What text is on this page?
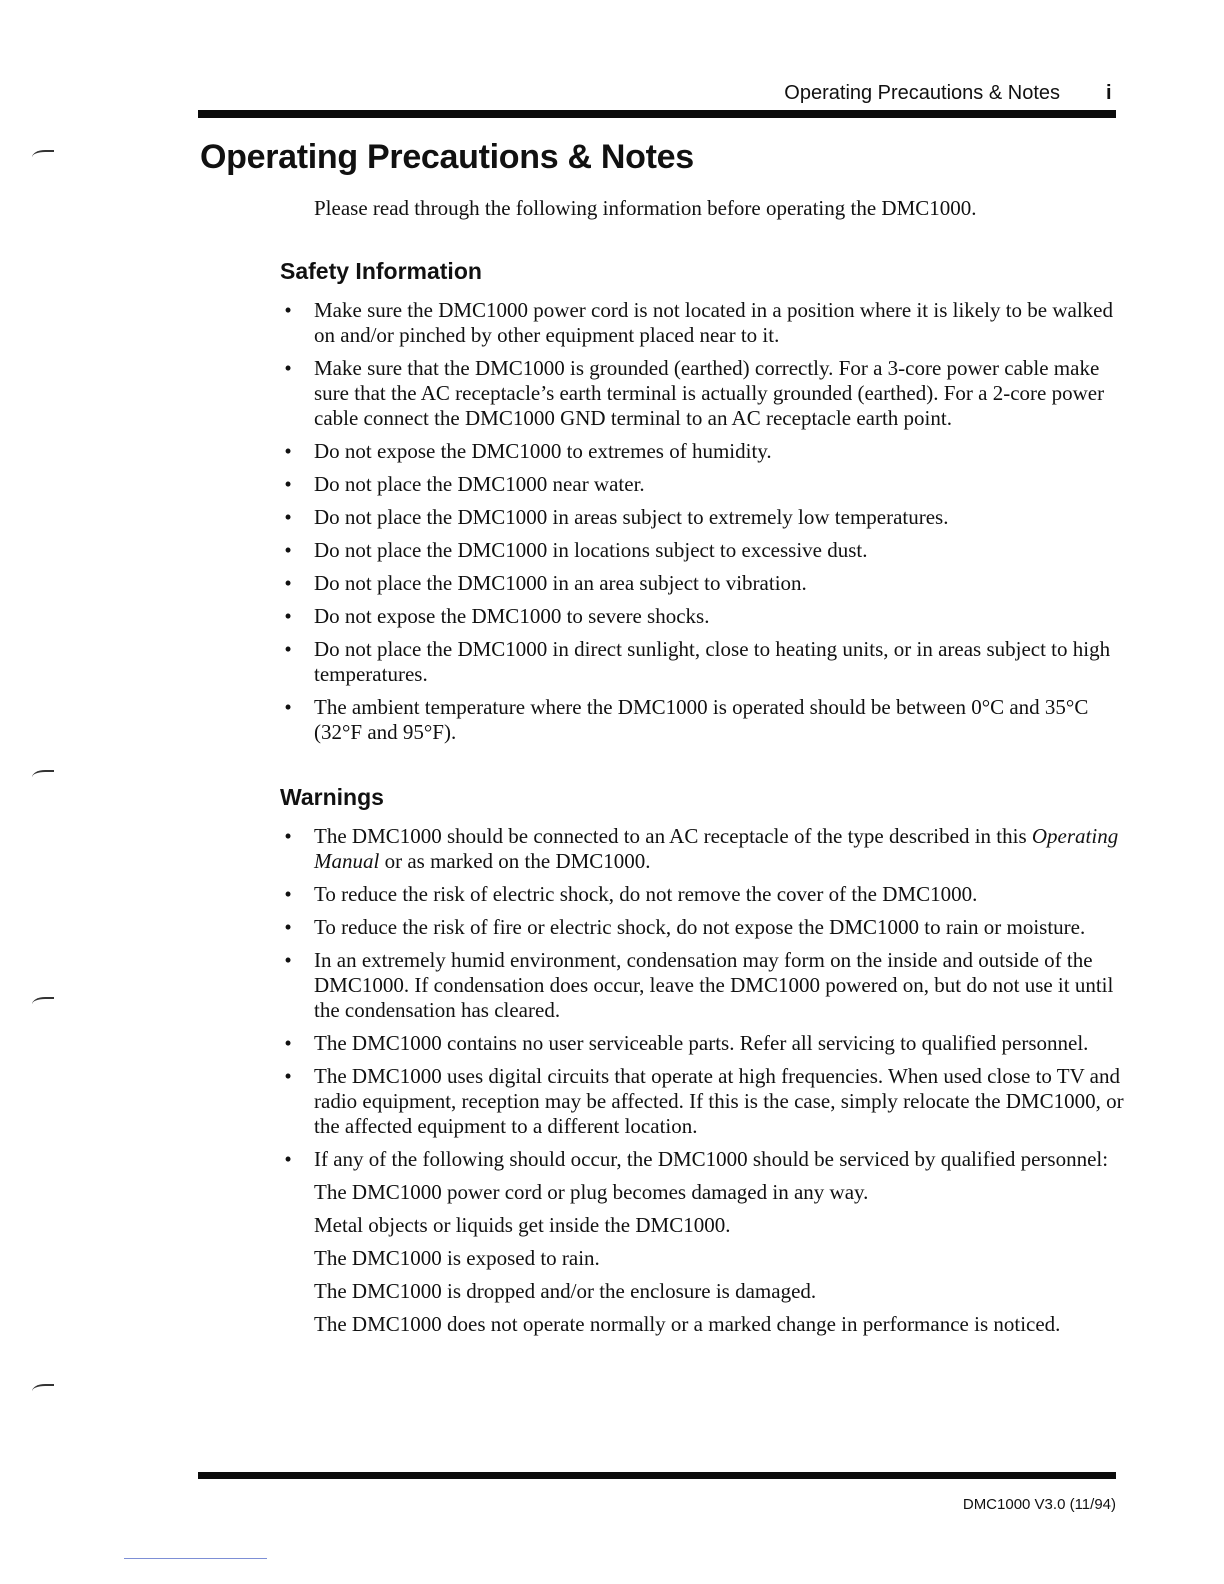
Operating Precautions & Notes i
Operating Precautions & Notes

Please read through the following information before operating the DMC1000.

Safety Information
• Make sure the DMC1000 power cord is not located in a position where it is likely to be walked on and/or pinched by other equipment placed near to it.
• Make sure that the DMC1000 is grounded (earthed) correctly. For a 3-core power cable make sure that the AC receptacle’s earth terminal is actually grounded (earthed). For a 2-core power cable connect the DMC1000 GND terminal to an AC receptacle earth point.
• Do not expose the DMC1000 to extremes of humidity.
• Do not place the DMC1000 near water.
• Do not place the DMC1000 in areas subject to extremely low temperatures.
• Do not place the DMC1000 in locations subject to excessive dust.
• Do not place the DMC1000 in an area subject to vibration.
• Do not expose the DMC1000 to severe shocks.
• Do not place the DMC1000 in direct sunlight, close to heating units, or in areas subject to high temperatures.
• The ambient temperature where the DMC1000 is operated should be between 0°C and 35°C (32°F and 95°F).
Warnings
• The DMC1000 should be connected to an AC receptacle of the type described in this Operating Manual or as marked on the DMC1000.
• To reduce the risk of electric shock, do not remove the cover of the DMC1000.
• To reduce the risk of fire or electric shock, do not expose the DMC1000 to rain or moisture.
• In an extremely humid environment, condensation may form on the inside and outside of the DMC1000. If condensation does occur, leave the DMC1000 powered on, but do not use it until the condensation has cleared.
• The DMC1000 contains no user serviceable parts. Refer all servicing to qualified personnel.
• The DMC1000 uses digital circuits that operate at high frequencies. When used close to TV and radio equipment, reception may be affected. If this is the case, simply relocate the DMC1000, or the affected equipment to a different location.
• If any of the following should occur, the DMC1000 should be serviced by qualified personnel:
The DMC1000 power cord or plug becomes damaged in any way.
Metal objects or liquids get inside the DMC1000.
The DMC1000 is exposed to rain.
The DMC1000 is dropped and/or the enclosure is damaged.
The DMC1000 does not operate normally or a marked change in performance is noticed.
DMC1000 V3.0 (11/94)
